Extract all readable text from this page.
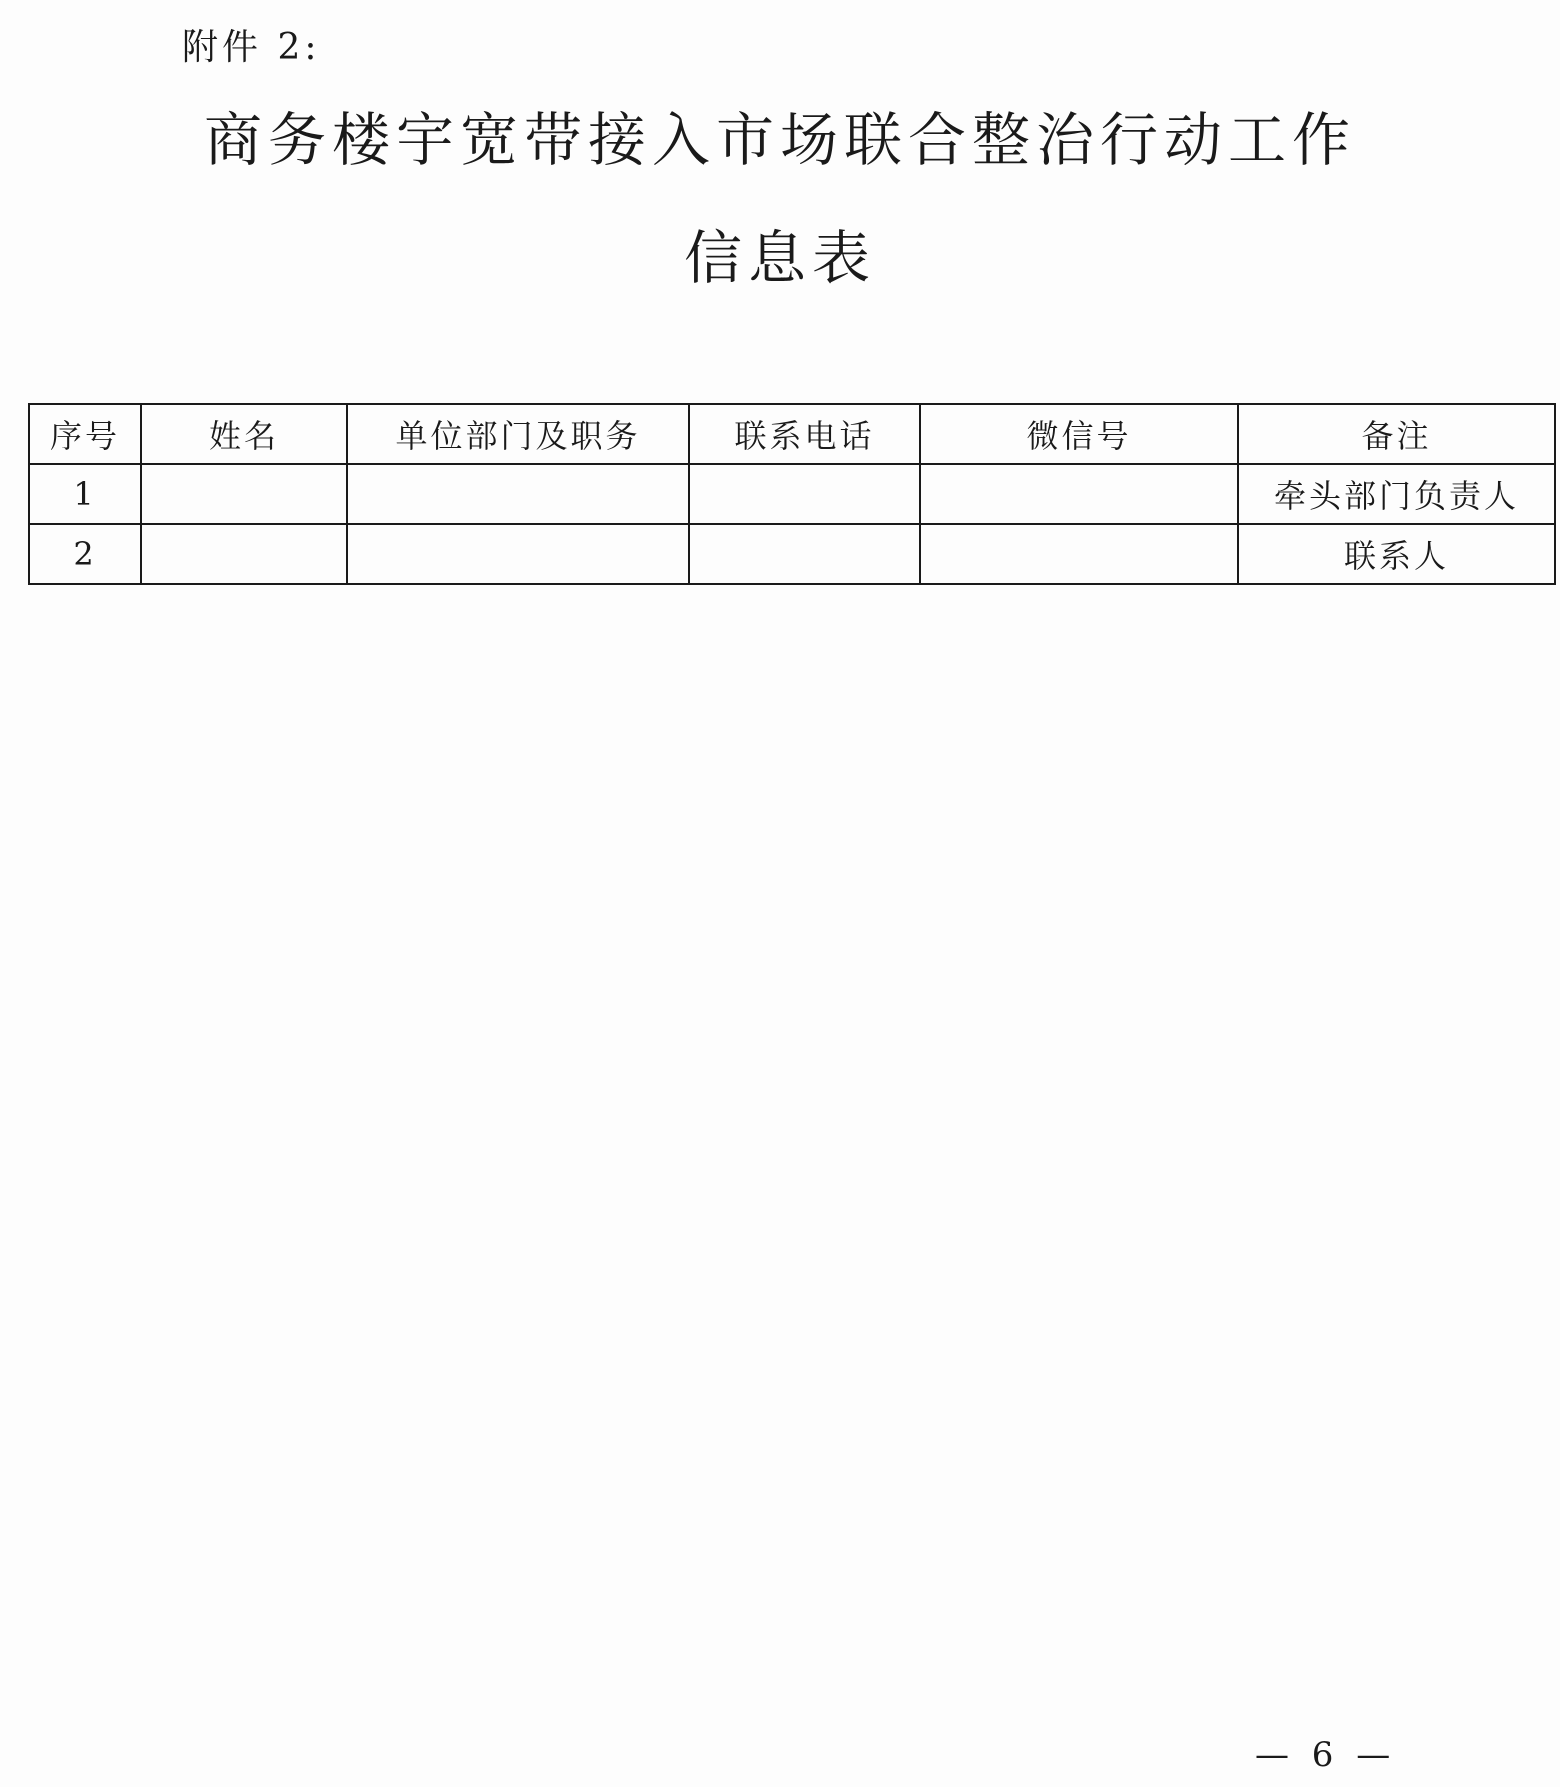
附件 2:
商务楼宇宽带接入市场联合整治行动工作
信息表
序号	姓名	单位部门及职务	联系电话	微信号	备注
1					牵头部门负责人
2					联系人
— 6 —
